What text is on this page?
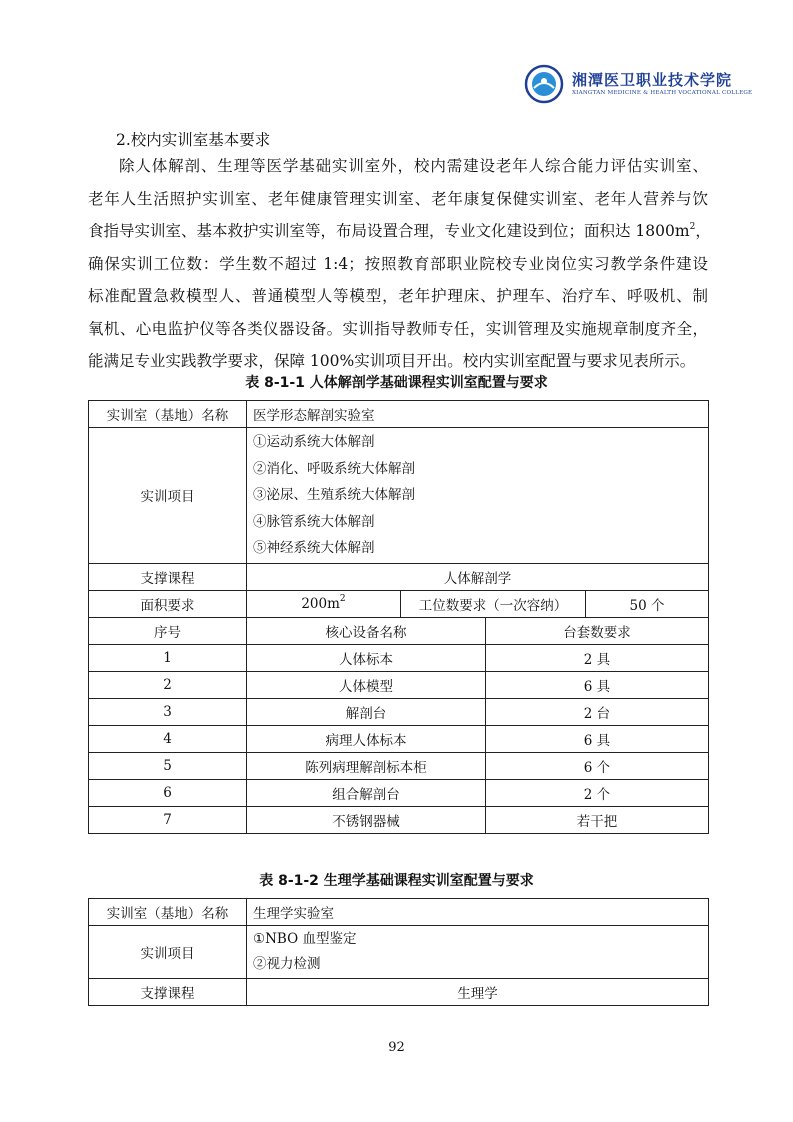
湘潭医卫职业技术学院
XIANGTAN MEDICINE & HEALTH VOCATIONAL COLLEGE
2.校内实训室基本要求
除人体解剖、生理等医学基础实训室外，校内需建设老年人综合能力评估实训室、
老年人生活照护实训室、老年健康管理实训室、老年康复保健实训室、老年人营养与饮
食指导实训室、基本救护实训室等，布局设置合理，专业文化建设到位；面积达 $1800m^2$，
确保实训工位数：学生数不超过 1:4；按照教育部职业院校专业岗位实习教学条件建设
标准配置急救模型人、普通模型人等模型，老年护理床、护理车、治疗车、呼吸机、制
氧机、心电监护仪等各类仪器设备。实训指导教师专任，实训管理及实施规章制度齐全，
能满足专业实践教学要求，保障 100%实训项目开出。校内实训室配置与要求见表所示。
表 8-1-1 人体解剖学基础课程实训室配置与要求
实训室（基地）名称	医学形态解剖实验室			
实训项目	①运动系统大体解剖
②消化、呼吸系统大体解剖
③泌尿、生殖系统大体解剖
④脉管系统大体解剖
⑤神经系统大体解剖			

支撑课程	人体解剖学			
面积要求	$200m^2$	工位数要求（一次容纳）		50 个
序号	核心设备名称		台套数要求	
1	人体标本		2 具	
2	人体模型		6 具	
3	解剖台		2 台	
4	病理人体标本		6 具	
5	陈列病理解剖标本柜		6 个	
6	组合解剖台		2 个	
7	不锈钢器械		若干把	
表 8-1-2 生理学基础课程实训室配置与要求
实训室（基地）名称	生理学实验室
实训项目	①NBO 血型鉴定
②视力检测

支撑课程	生理学
92
